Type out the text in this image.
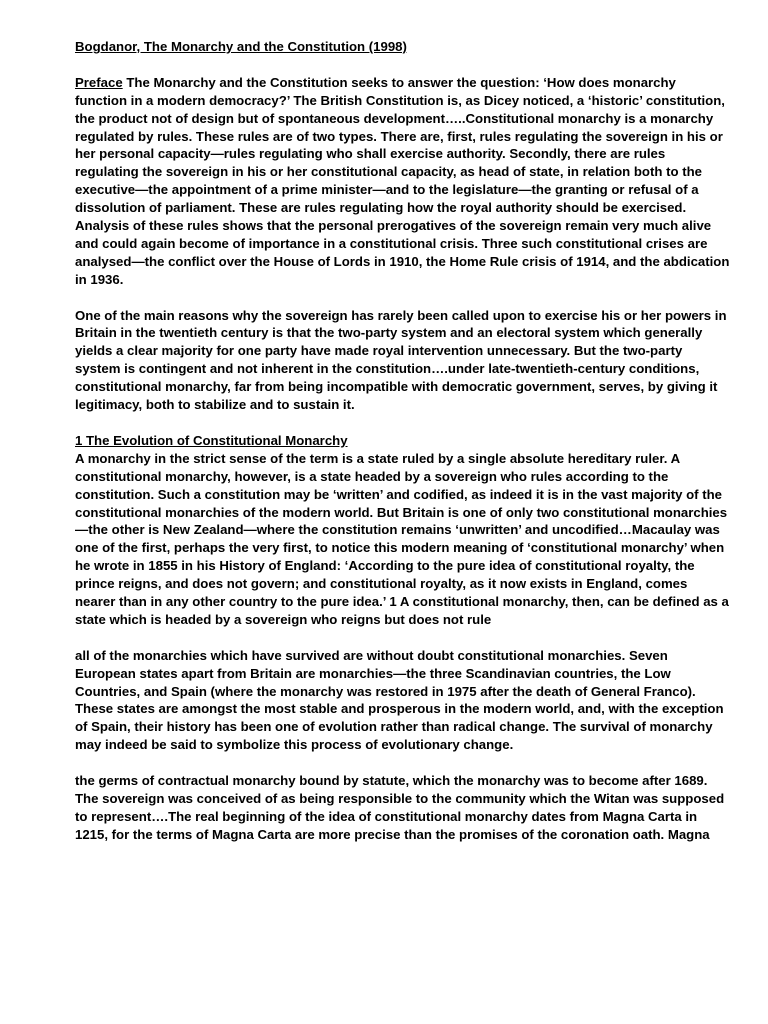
Bogdanor, The Monarchy and the Constitution (1998)

Preface The Monarchy and the Constitution seeks to answer the question: ‘How does monarchy function in a modern democracy?’ The British Constitution is, as Dicey noticed, a ‘historic’ constitution, the product not of design but of spontaneous development…..Constitutional monarchy is a monarchy regulated by rules. These rules are of two types. There are, first, rules regulating the sovereign in his or her personal capacity—rules regulating who shall exercise authority. Secondly, there are rules regulating the sovereign in his or her constitutional capacity, as head of state, in relation both to the executive—the appointment of a prime minister—and to the legislature—the granting or refusal of a dissolution of parliament. These are rules regulating how the royal authority should be exercised. Analysis of these rules shows that the personal prerogatives of the sovereign remain very much alive and could again become of importance in a constitutional crisis. Three such constitutional crises are analysed—the conflict over the House of Lords in 1910, the Home Rule crisis of 1914, and the abdication in 1936.

One of the main reasons why the sovereign has rarely been called upon to exercise his or her powers in Britain in the twentieth century is that the two-party system and an electoral system which generally yields a clear majority for one party have made royal intervention unnecessary. But the two-party system is contingent and not inherent in the constitution….under late-twentieth-century conditions, constitutional monarchy, far from being incompatible with democratic government, serves, by giving it legitimacy, both to stabilize and to sustain it.

1 The Evolution of Constitutional Monarchy
A monarchy in the strict sense of the term is a state ruled by a single absolute hereditary ruler. A constitutional monarchy, however, is a state headed by a sovereign who rules according to the constitution. Such a constitution may be ‘written’ and codified, as indeed it is in the vast majority of the constitutional monarchies of the modern world. But Britain is one of only two constitutional monarchies—the other is New Zealand—where the constitution remains ‘unwritten’ and uncodified…Macaulay was one of the first, perhaps the very first, to notice this modern meaning of ‘constitutional monarchy’ when he wrote in 1855 in his History of England: ‘According to the pure idea of constitutional royalty, the prince reigns, and does not govern; and constitutional royalty, as it now exists in England, comes nearer than in any other country to the pure idea.’ 1 A constitutional monarchy, then, can be defined as a state which is headed by a sovereign who reigns but does not rule

all of the monarchies which have survived are without doubt constitutional monarchies. Seven European states apart from Britain are monarchies—the three Scandinavian countries, the Low Countries, and Spain (where the monarchy was restored in 1975 after the death of General Franco). These states are amongst the most stable and prosperous in the modern world, and, with the exception of Spain, their history has been one of evolution rather than radical change. The survival of monarchy may indeed be said to symbolize this process of evolutionary change.

the germs of contractual monarchy bound by statute, which the monarchy was to become after 1689. The sovereign was conceived of as being responsible to the community which the Witan was supposed to represent….The real beginning of the idea of constitutional monarchy dates from Magna Carta in 1215, for the terms of Magna Carta are more precise than the promises of the coronation oath. Magna
